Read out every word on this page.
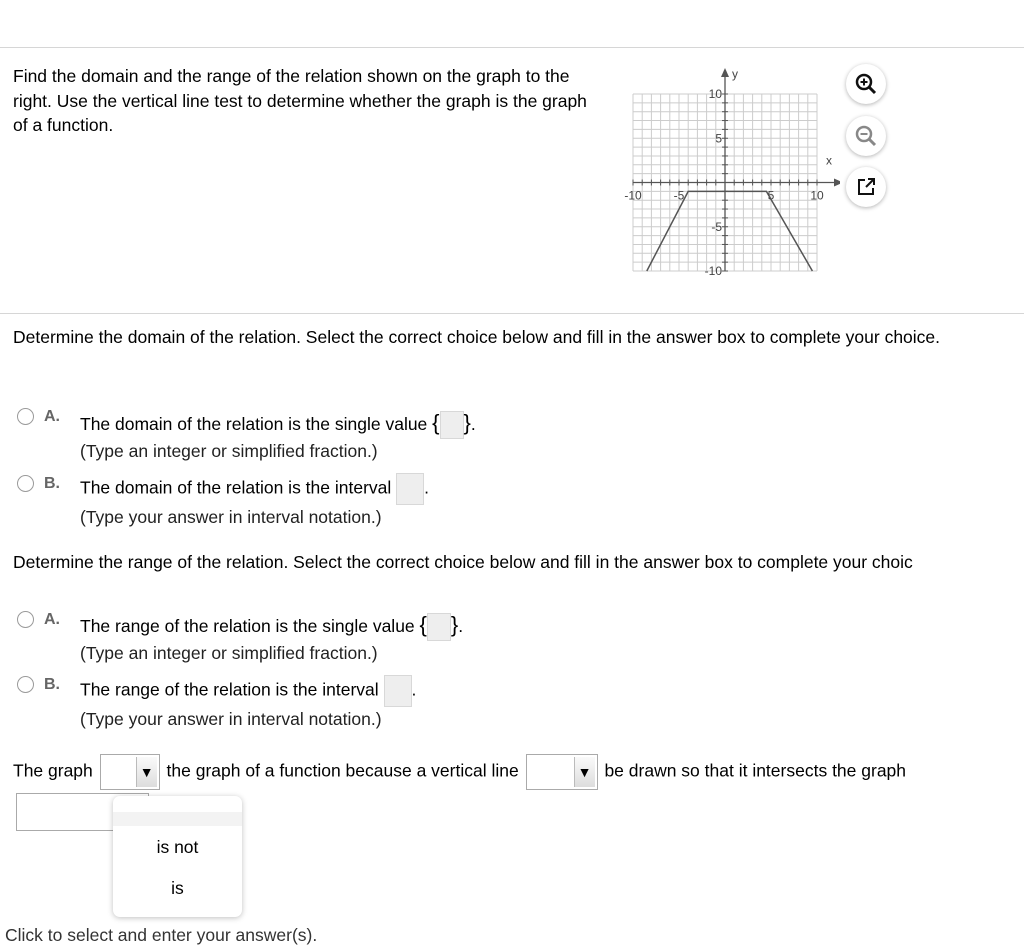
Find the domain and the range of the relation shown on the graph to the right. Use the vertical line test to determine whether the graph is the graph of a function.
-10	-5	5	10
10
5
-5
-10
x
y
Determine the domain of the relation. Select the correct choice below and fill in the answer box to complete your choice.
A. The domain of the relation is the single value { }.
(Type an integer or simplified fraction.)
B. The domain of the relation is the interval .
(Type your answer in interval notation.)
Determine the range of the relation. Select the correct choice below and fill in the answer box to complete your choic
A. The range of the relation is the single value { }.
(Type an integer or simplified fraction.)
B. The range of the relation is the interval .
(Type your answer in interval notation.)
The graph	▼ the graph of a function because a vertical line	▼ be drawn so that it intersects the graph
is not
is
Click to select and enter your answer(s).
